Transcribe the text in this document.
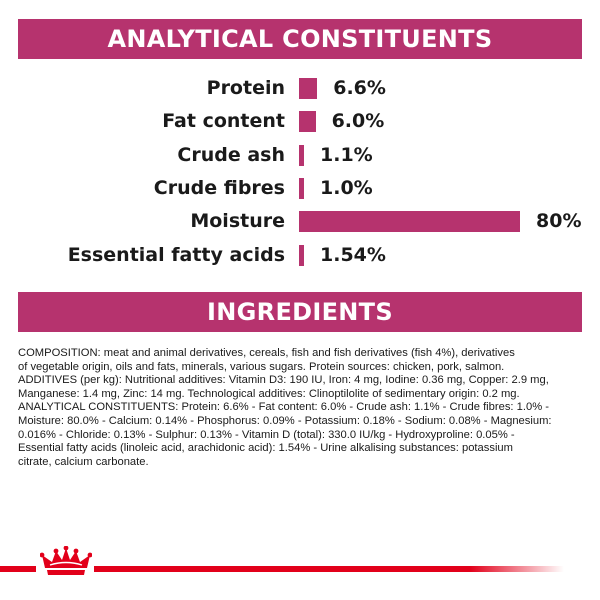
ANALYTICAL CONSTITUENTS
Protein	6.6%
Fat content 6.0%
Crude ash 1.1%
Crude fibres 1.0%
Moisture	80%
Essential fatty acids 1.54%
INGREDIENTS

COMPOSITION: meat and animal derivatives, cereals, fish and fish derivatives (fish 4%), derivatives

of vegetable origin, oils and fats, minerals, various sugars. Protein sources: chicken, pork, salmon.

ADDITIVES (per kg): Nutritional additives: Vitamin D3: 190 IU, Iron: 4 mg, Iodine: 0.36 mg, Copper: 2.9 mg,

Manganese: 1.4 mg, Zinc: 14 mg. Technological additives: Clinoptilolite of sedimentary origin: 0.2 mg.

ANALYTICAL CONSTITUENTS: Protein: 6.6% - Fat content: 6.0% - Crude ash: 1.1% - Crude fibres: 1.0% -

Moisture: 80.0% - Calcium: 0.14% - Phosphorus: 0.09% - Potassium: 0.18% - Sodium: 0.08% - Magnesium:

0.016% - Chloride: 0.13% - Sulphur: 0.13% - Vitamin D (total): 330.0 IU/kg - Hydroxyproline: 0.05% -

Essential fatty acids (linoleic acid, arachidonic acid): 1.54% - Urine alkalising substances: potassium

citrate, calcium carbonate.
